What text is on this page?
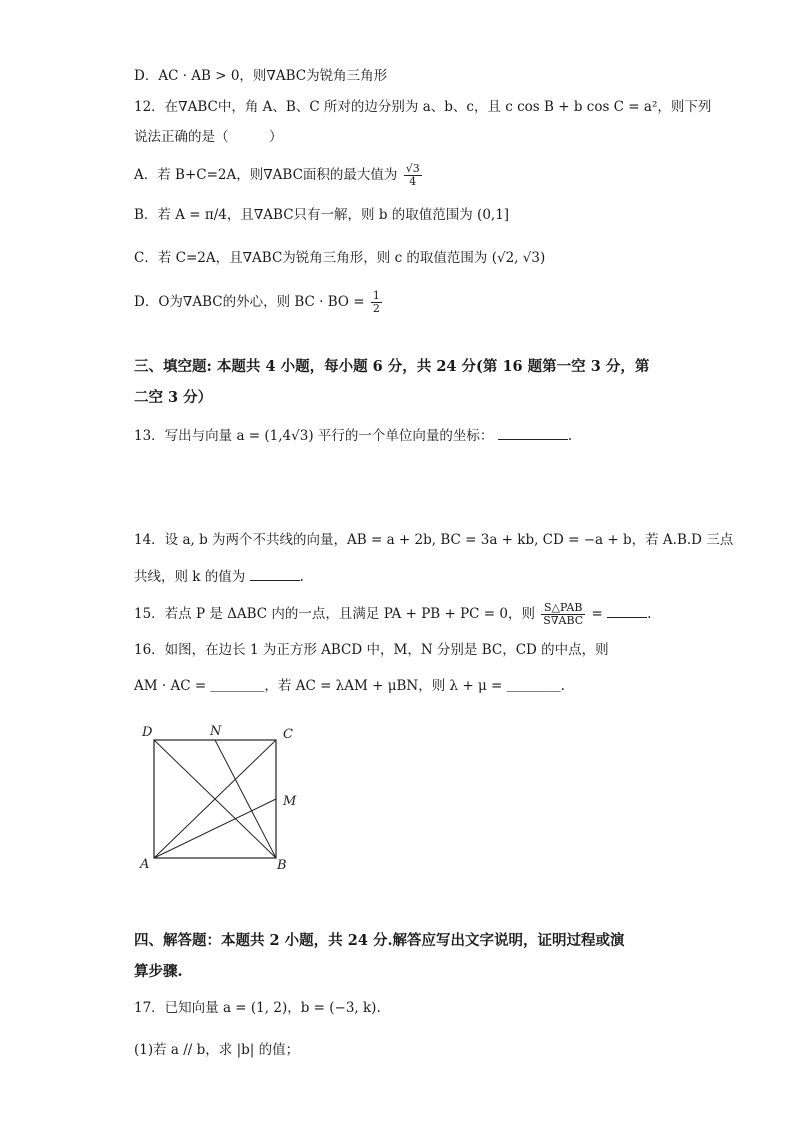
D．AC · AB > 0，则∇ABC为锐角三角形
12．在∇ABC中，角 A、B、C 所对的边分别为 a、b、c，且 c cos B + b cos C = a²，则下列
说法正确的是（　　　）
A．若 B+C=2A，则∇ABC面积的最大值为 $\frac{√3}{4}$
B．若 A = π/4，且∇ABC只有一解，则 b 的取值范围为 (0,1]
C．若 C=2A，且∇ABC为锐角三角形，则 c 的取值范围为 (√2, √3)
D．O为∇ABC的外心，则 BC · BO = $\frac{1}{2}$
三、填空题: 本题共 4 小题，每小题 6 分，共 24 分(第 16 题第一空 3 分，第
二空 3 分）
13．写出与向量 a = (1,4√3) 平行的一个单位向量的坐标：	.
14．设 a, b 为两个不共线的向量，AB = a + 2b, BC = 3a + kb, CD = −a + b，若 A.B.D 三点
共线，则 k 的值为	.
15．若点 P 是 ΔABC 内的一点，且满足 PA + PB + PC = 0，则 $\frac{\text{S△PAB}}{\text{S∇ABC}}$ =	.
16．如图，在边长 1 为正方形 ABCD 中，M，N 分别是 BC，CD 的中点，则
AM · AC = ＿＿＿＿，若 AC = λAM + μBN，则 λ + μ = ＿＿＿＿.
D	N	C
M
A	B
四、解答题：本题共 2 小题，共 24 分.解答应写出文字说明，证明过程或演
算步骤.
17．已知向量 a = (1, 2)，b = (−3, k).
(1)若 a // b，求 |b| 的值；
